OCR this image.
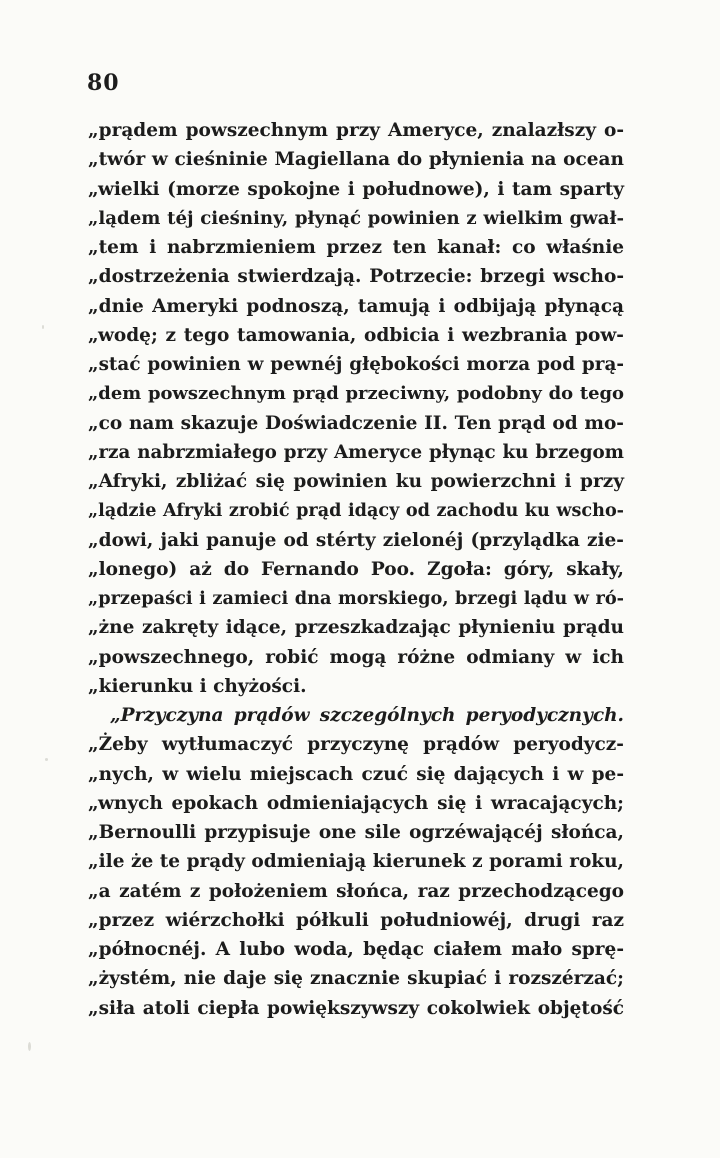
80
„prądem powszechnym przy Ameryce, znalazłszy o-
„twór w cieśninie Magiellana do płynienia na ocean
„wielki (morze spokojne i połudnowe), i tam sparty
„lądem téj cieśniny, płynąć powinien z wielkim gwał-
„tem i nabrzmieniem przez ten kanał: co właśnie
„dostrzeżenia stwierdzają. Potrzecie: brzegi wscho-
„dnie Ameryki podnoszą, tamują i odbijają płynącą
„wodę; z tego tamowania, odbicia i wezbrania pow-
„stać powinien w pewnéj głębokości morza pod prą-
„dem powszechnym prąd przeciwny, podobny do tego
„co nam skazuje Doświadczenie II. Ten prąd od mo-
„rza nabrzmiałego przy Ameryce płynąc ku brzegom
„Afryki, zbliżać się powinien ku powierzchni i przy
„lądzie Afryki zrobić prąd idący od zachodu ku wscho-
„dowi, jaki panuje od stérty zielonéj (przylądka zie-
„lonego) aż do Fernando Poo. Zgoła: góry, skały,
„przepaści i zamieci dna morskiego, brzegi lądu w ró-
„żne zakręty idące, przeszkadzając płynieniu prądu
„powszechnego, robić mogą różne odmiany w ich
„kierunku i chyżości.
„Przyczyna prądów szczególnych peryodycznych.
„Żeby wytłumaczyć przyczynę prądów peryodycz-
„nych, w wielu miejscach czuć się dających i w pe-
„wnych epokach odmieniających się i wracających;
„Bernoulli przypisuje one sile ogrzéwającéj słońca,
„ile że te prądy odmieniają kierunek z porami roku,
„a zatém z położeniem słońca, raz przechodzącego
„przez wiérzchołki półkuli południowéj, drugi raz
„północnéj. A lubo woda, będąc ciałem mało sprę-
„żystém, nie daje się znacznie skupiać i rozszérzać;
„siła atoli ciepła powiększywszy cokolwiek objętość
